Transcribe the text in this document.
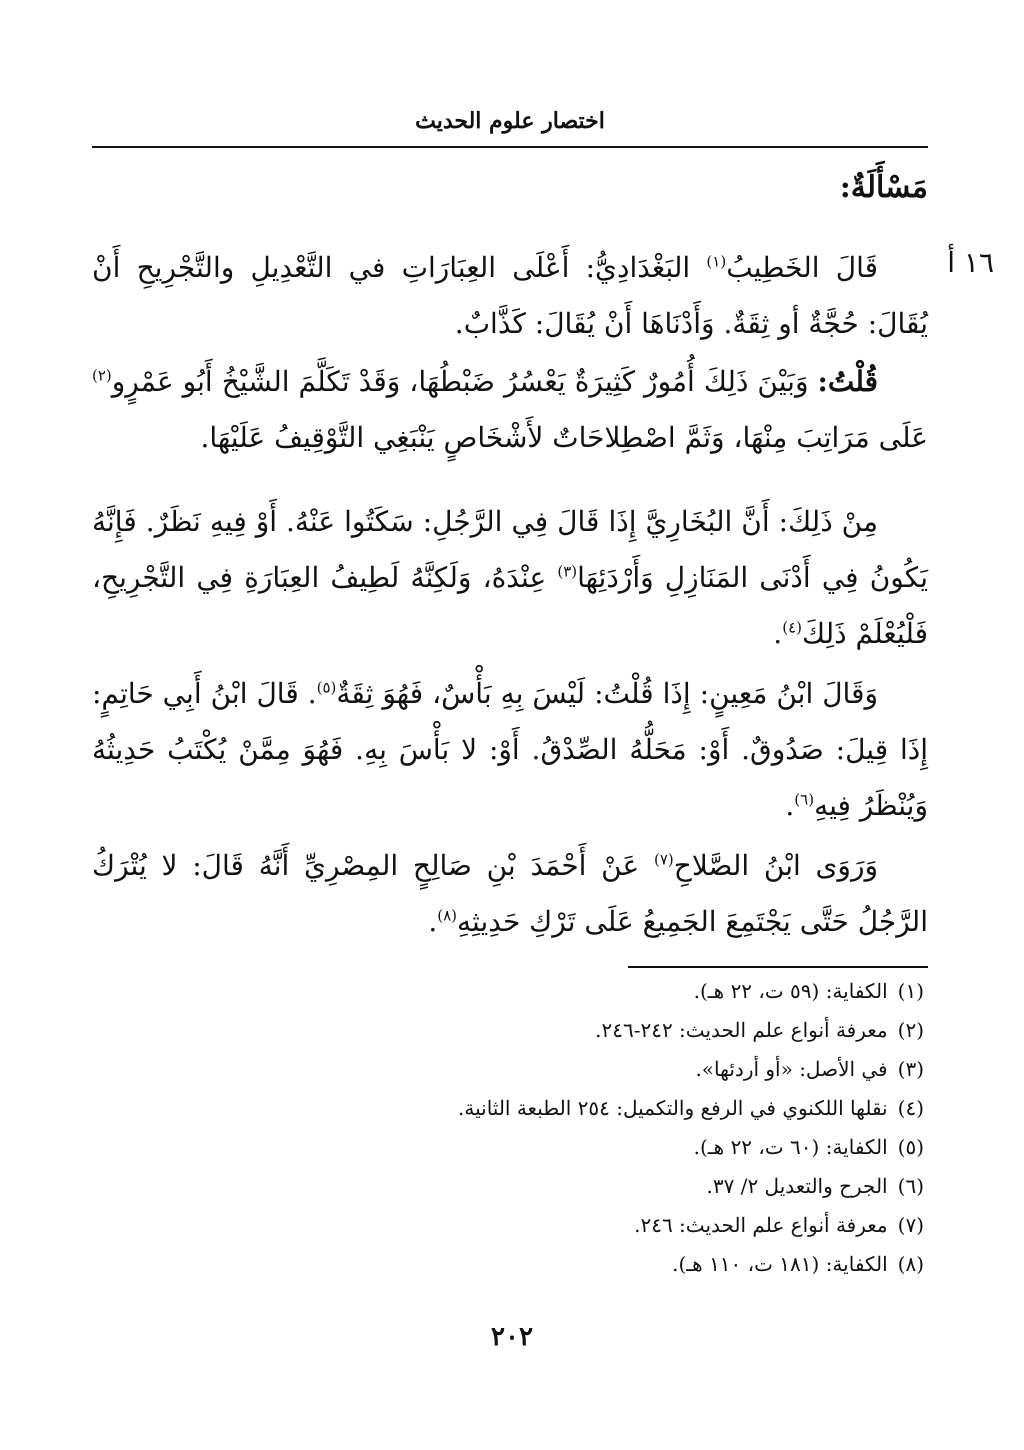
اختصار علوم الحديث
مَسْأَلَةٌ:
١٦ أ

قَالَ الخَطِيبُ$^{(١)}$ البَغْدَادِيُّ: أَعْلَى العِبَارَاتِ في التَّعْدِيلِ والتَّجْرِيحِ أَنْ يُقَالَ: حُجَّةٌ أو ثِقَةٌ. وَأَدْنَاهَا أَنْ يُقَالَ: كَذَّابٌ.

قُلْتُ: وَبَيْنَ ذَلِكَ أُمُورٌ كَثِيرَةٌ يَعْسُرُ ضَبْطُهَا، وَقَدْ تَكَلَّمَ الشَّيْخُ أَبُو عَمْرٍو$^{(٢)}$ عَلَى مَرَاتِبَ مِنْهَا، وَثَمَّ اصْطِلاحَاتٌ لأَشْخَاصٍ يَنْبَغِي التَّوْقِيفُ عَلَيْهَا.

مِنْ ذَلِكَ: أَنَّ البُخَارِيَّ إِذَا قَالَ فِي الرَّجُلِ: سَكَتُوا عَنْهُ. أَوْ فِيهِ نَظَرٌ. فَإِنَّهُ يَكُونُ فِي أَدْنَى المَنَازِلِ وَأَرْدَئِهَا$^{(٣)}$ عِنْدَهُ، وَلَكِنَّهُ لَطِيفُ العِبَارَةِ فِي التَّجْرِيحِ، فَلْيُعْلَمْ ذَلِكَ$^{(٤)}$.

وَقَالَ ابْنُ مَعِينٍ: إِذَا قُلْتُ: لَيْسَ بِهِ بَأْسٌ، فَهُوَ ثِقَةٌ$^{(٥)}$. قَالَ ابْنُ أَبِي حَاتِمٍ: إِذَا قِيلَ: صَدُوقٌ. أَوْ: مَحَلُّهُ الصِّدْقُ. أَوْ: لا بَأْسَ بِهِ. فَهُوَ مِمَّنْ يُكْتَبُ حَدِيثُهُ وَيُنْظَرُ فِيهِ$^{(٦)}$.

وَرَوَى ابْنُ الصَّلاحِ$^{(٧)}$ عَنْ أَحْمَدَ بْنِ صَالِحٍ المِصْرِيِّ أَنَّهُ قَالَ: لا يُتْرَكُ الرَّجُلُ حَتَّى يَجْتَمِعَ الجَمِيعُ عَلَى تَرْكِ حَدِيثِهِ$^{(٨)}$.

(١)الكفاية: (٥٩ ت، ٢٢ هـ).
(٢)معرفة أنواع علم الحديث: ٢٤٢-٢٤٦.
(٣)في الأصل: «أو أردئها».
(٤)نقلها اللكنوي في الرفع والتكميل: ٢٥٤ الطبعة الثانية.
(٥)الكفاية: (٦٠ ت، ٢٢ هـ).
(٦)الجرح والتعديل ٢/ ٣٧.
(٧)معرفة أنواع علم الحديث: ٢٤٦.
(٨)الكفاية: (١٨١ ت، ١١٠ هـ).
٢٠٢
